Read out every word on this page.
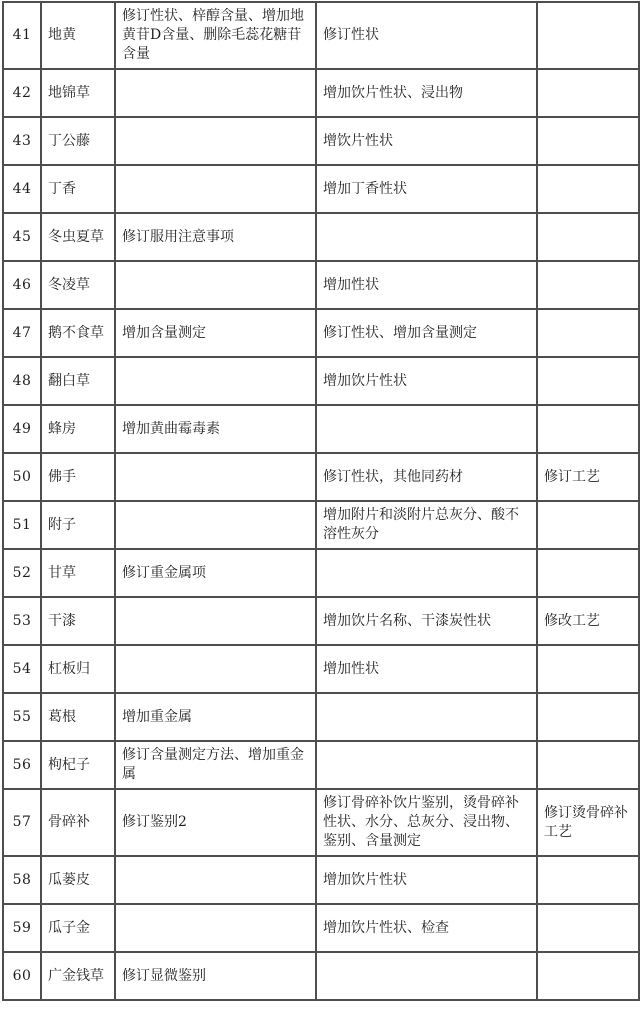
41	地黄	修订性状、梓醇含量、增加地黄苷D含量、删除毛蕊花糖苷含量	修订性状	
42	地锦草		增加饮片性状、浸出物	
43	丁公藤		增饮片性状	
44	丁香		增加丁香性状	
45	冬虫夏草	修订服用注意事项		
46	冬凌草		增加性状	
47	鹅不食草	增加含量测定	修订性状、增加含量测定	
48	翻白草		增加饮片性状	
49	蜂房	增加黄曲霉毒素		
50	佛手		修订性状，其他同药材	修订工艺
51	附子		增加附片和淡附片总灰分、酸不溶性灰分	
52	甘草	修订重金属项		
53	干漆		增加饮片名称、干漆炭性状	修改工艺
54	杠板归		增加性状	
55	葛根	增加重金属		
56	枸杞子	修订含量测定方法、增加重金属		
57	骨碎补	修订鉴别2	修订骨碎补饮片鉴别，烫骨碎补性状、水分、总灰分、浸出物、鉴别、含量测定	修订烫骨碎补工艺
58	瓜蒌皮		增加饮片性状	
59	瓜子金		增加饮片性状、检查	
60	广金钱草	修订显微鉴别		
